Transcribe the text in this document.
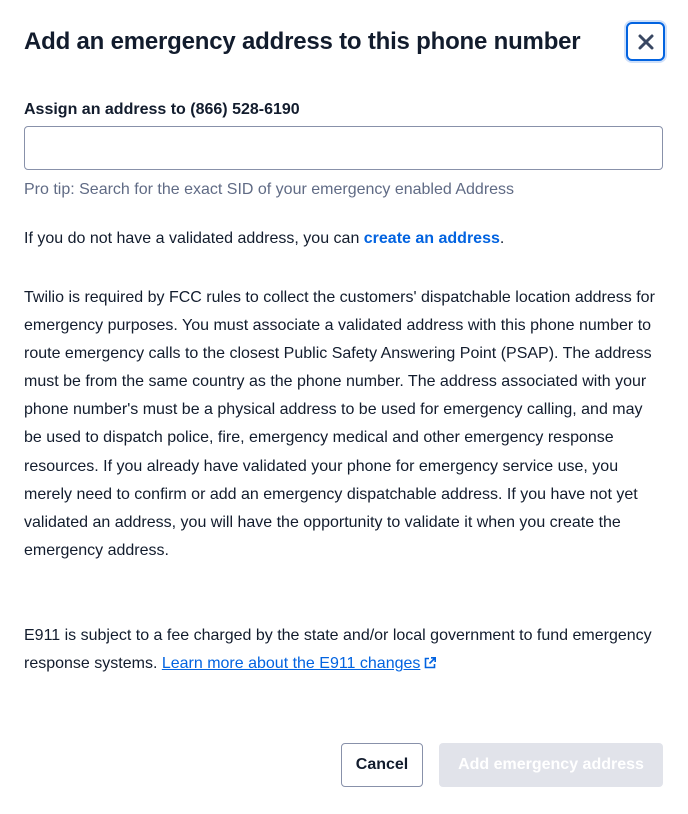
Add an emergency address to this phone number
Assign an address to (866) 528-6190

Pro tip: Search for the exact SID of your emergency enabled Address

If you do not have a validated address, you can create an address.

Twilio is required by FCC rules to collect the customers' dispatchable location address for emergency purposes. You must associate a validated address with this phone number to route emergency calls to the closest Public Safety Answering Point (PSAP). The address must be from the same country as the phone number. The address associated with your phone number's must be a physical address to be used for emergency calling, and may be used to dispatch police, fire, emergency medical and other emergency response resources. If you already have validated your phone for emergency service use, you merely need to confirm or add an emergency dispatchable address. If you have not yet validated an address, you will have the opportunity to validate it when you create the emergency address.

E911 is subject to a fee charged by the state and/or local government to fund emergency response systems. Learn more about the E911 changes

Cancel	Add emergency address
